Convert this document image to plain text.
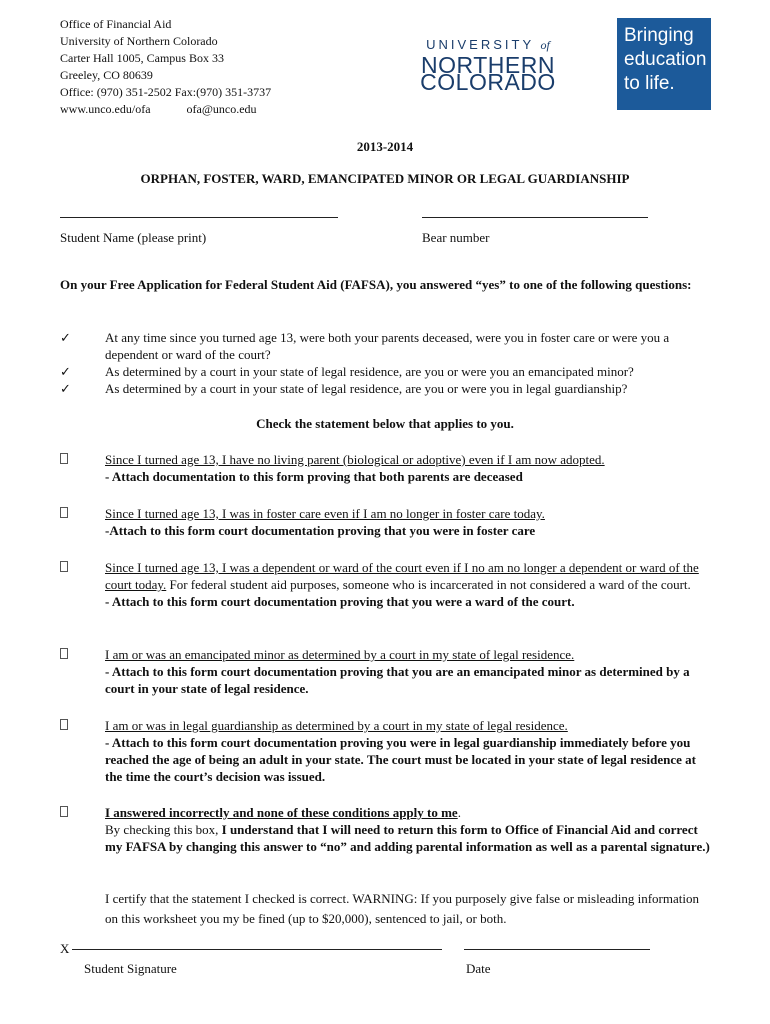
Office of Financial Aid
University of Northern Colorado
Carter Hall 1005, Campus Box 33
Greeley, CO 80639
Office: (970) 351-2502 Fax:(970) 351-3737
www.unco.edu/ofa	ofa@unco.edu
UNIVERSITY of
NORTHERN COLORADO
Bringing
education
to life.
2013-2014
ORPHAN, FOSTER, WARD, EMANCIPATED MINOR OR LEGAL GUARDIANSHIP
Student Name (please print)	Bear number
On your Free Application for Federal Student Aid (FAFSA), you answered “yes” to one of the following questions:
✓	At any time since you turned age 13, were both your parents deceased, were you in foster care or were you a dependent or ward of the court?
✓	As determined by a court in your state of legal residence, are you or were you an emancipated minor?
✓	As determined by a court in your state of legal residence, are you or were you in legal guardianship?
Check the statement below that applies to you.
Since I turned age 13, I have no living parent (biological or adoptive) even if I am now adopted.
- Attach documentation to this form proving that both parents are deceased
Since I turned age 13, I was in foster care even if I am no longer in foster care today.
-Attach to this form court documentation proving that you were in foster care
Since I turned age 13, I was a dependent or ward of the court even if I no am no longer a dependent or ward of the court today. For federal student aid purposes, someone who is incarcerated in not considered a ward of the court.
- Attach to this form court documentation proving that you were a ward of the court.
I am or was an emancipated minor as determined by a court in my state of legal residence.
- Attach to this form court documentation proving that you are an emancipated minor as determined by a court in your state of legal residence.
I am or was in legal guardianship as determined by a court in my state of legal residence.
- Attach to this form court documentation proving you were in legal guardianship immediately before you reached the age of being an adult in your state. The court must be located in your state of legal residence at the time the court’s decision was issued.
I answered incorrectly and none of these conditions apply to me.
By checking this box, I understand that I will need to return this form to Office of Financial Aid and correct my FAFSA by changing this answer to “no” and adding parental information as well as a parental signature.)
I certify that the statement I checked is correct. WARNING: If you purposely give false or misleading information on this worksheet you my be fined (up to $20,000), sentenced to jail, or both.
X
Student Signature	Date
